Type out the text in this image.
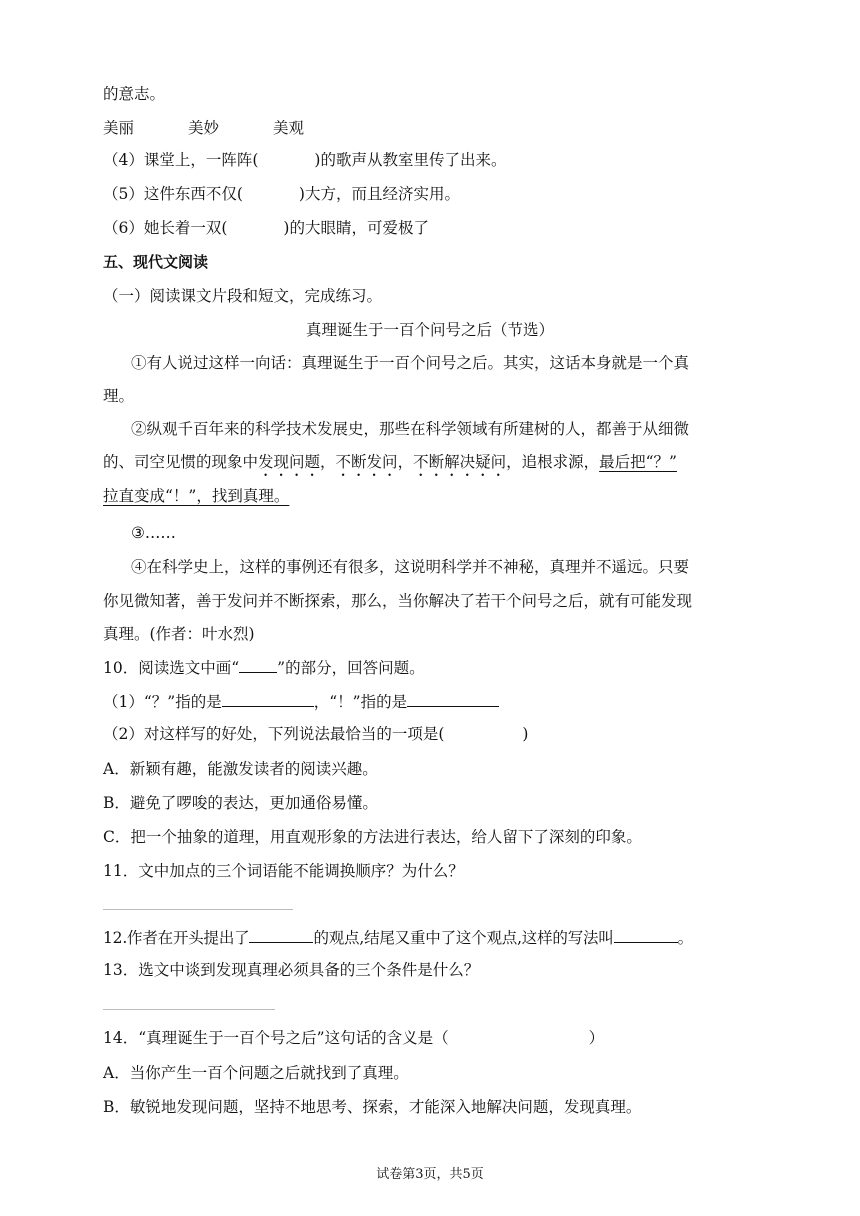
的意志。
美丽	美妙	美观
（4）课堂上，一阵阵(	)的歌声从教室里传了出来。
（5）这件东西不仅(	)大方，而且经济实用。
（6）她长着一双(	)的大眼睛，可爱极了
五、现代文阅读
（一）阅读课文片段和短文，完成练习。
真理诞生于一百个问号之后（节选）
①有人说过这样一向话：真理诞生于一百个问号之后。其实，这话本身就是一个真
理。
②纵观千百年来的科学技术发展史，那些在科学领域有所建树的人，都善于从细微
的、司空见惯的现象中发现问题，不断发问，不断解决疑问，追根求源，最后把“？”
拉直变成“！”，找到真理。
③……
④在科学史上，这样的事例还有很多，这说明科学并不神秘，真理并不遥远。只要
你见微知著，善于发问并不断探索，那么，当你解决了若干个问号之后，就有可能发现
真理。(作者：叶水烈)
10．阅读选文中画“ ”的部分，回答问题。
（1）“？”指的是	，“！”指的是
（2）对这样写的好处，下列说法最恰当的一项是(	)
A．新颖有趣，能激发读者的阅读兴趣。
B．避免了啰唆的表达，更加通俗易懂。
C．把一个抽象的道理，用直观形象的方法进行表达，给人留下了深刻的印象。
11．文中加点的三个词语能不能调换顺序？为什么？
12.作者在开头提出了	的观点,结尾又重中了这个观点,这样的写法叫	。
13．选文中谈到发现真理必须具备的三个条件是什么？
14．“真理诞生于一百个号之后”这句话的含义是（	）
A．当你产生一百个问题之后就找到了真理。
B．敏锐地发现问题，坚持不地思考、探索，才能深入地解决问题，发现真理。
试卷第3页，共5页
